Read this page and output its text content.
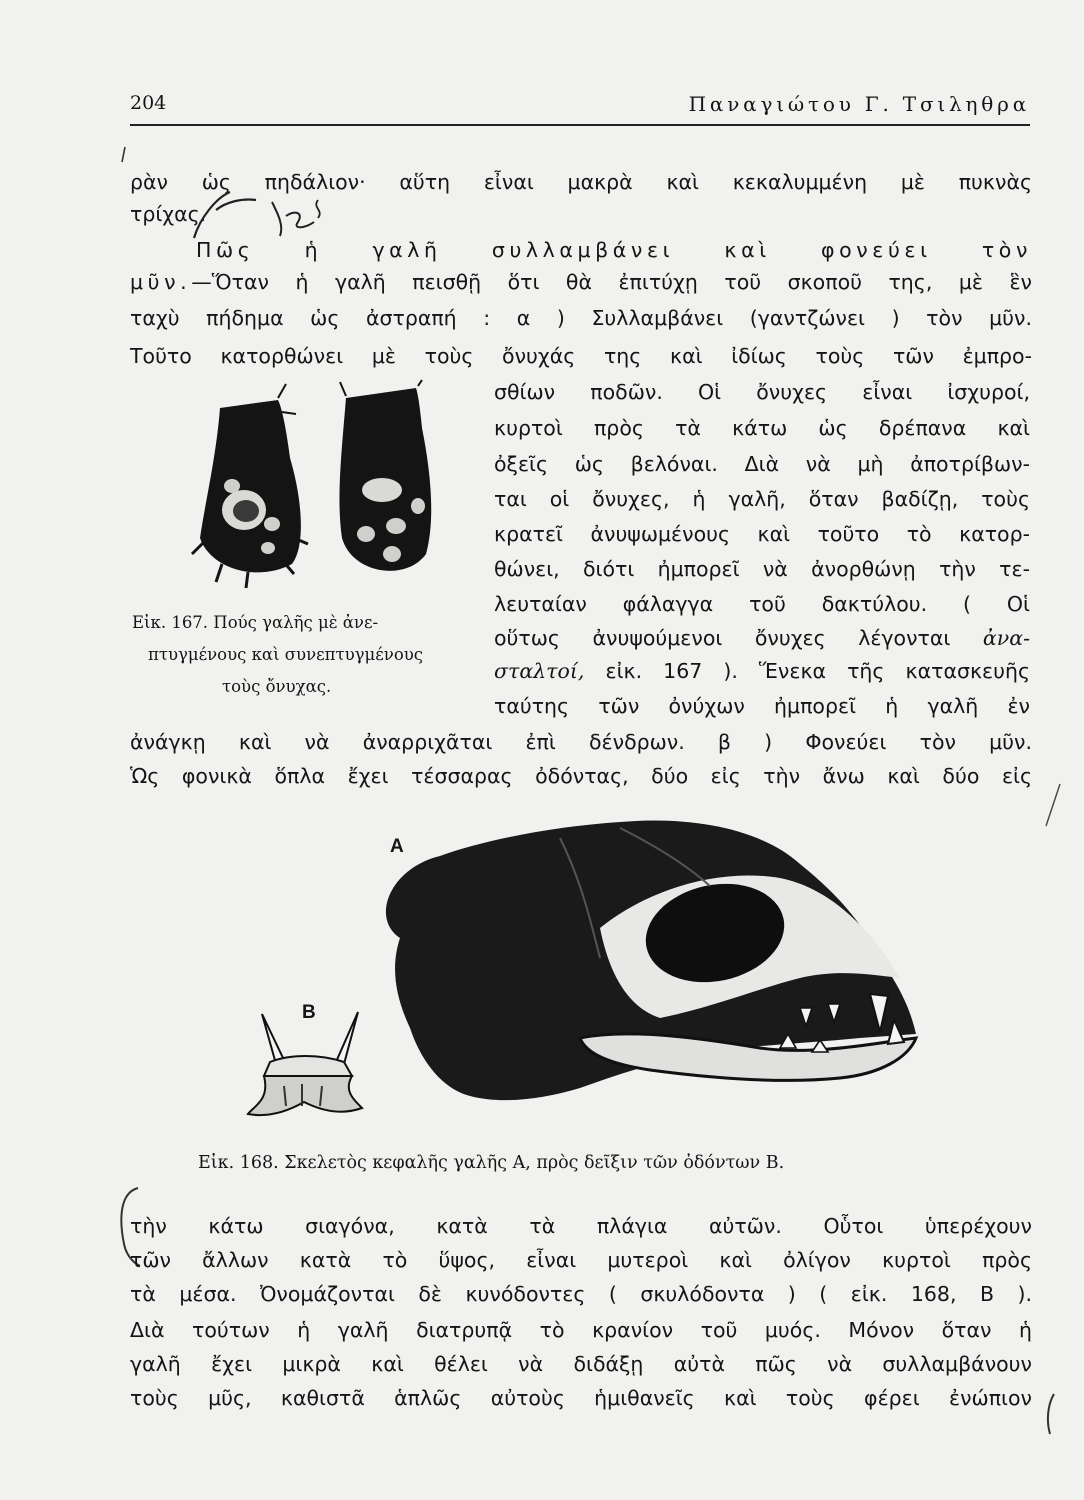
204	Παναγιώτου Γ. Τσιληθρα
ρὰν ὡς πηδάλιον· αὕτη εἶναι μακρὰ καὶ κεκαλυμμένη μὲ πυκνὰς
τρίχας.
Πῶς ἡ γαλῆ συλλαμβάνει καὶ φονεύει τὸν
μῦν.—Ὅταν ἡ γαλῆ πεισθῇ ὅτι θὰ ἐπιτύχῃ τοῦ σκοποῦ της, μὲ ἓν
ταχὺ πήδημα ὡς ἀστραπή : α ) Συλλαμβάνει (γαντζώνει ) τὸν μῦν.
Τοῦτο κατορθώνει μὲ τοὺς ὄνυχάς της καὶ ἰδίως τοὺς τῶν ἐμπρο-
σθίων ποδῶν. Οἱ ὄνυχες εἶναι ἰσχυροί,
κυρτοὶ πρὸς τὰ κάτω ὡς δρέπανα καὶ
ὀξεῖς ὡς βελόναι. Διὰ νὰ μὴ ἀποτρίβων-
ται οἱ ὄνυχες, ἡ γαλῆ, ὅταν βαδίζῃ, τοὺς
κρατεῖ ἀνυψωμένους καὶ τοῦτο τὸ κατορ-
θώνει, διότι ἠμπορεῖ νὰ ἀνορθώνῃ τὴν τε-
λευταίαν φάλαγγα τοῦ δακτύλου. ( Οἱ
οὕτως ἀνυψούμενοι ὄνυχες λέγονται ἀνα-
σταλτοί, εἰκ. 167 ). Ἕνεκα τῆς κατασκευῆς
ταύτης τῶν ὀνύχων ἠμπορεῖ ἡ γαλῆ ἐν
Εἰκ. 167. Πούς γαλῆς μὲ ἀνε-
πτυγμένους καὶ συνεπτυγμένους
τοὺς ὄνυχας.
ἀνάγκῃ καὶ νὰ ἀναρριχᾶται ἐπὶ δένδρων. β ) Φονεύει τὸν μῦν.
Ὡς φονικὰ ὅπλα ἔχει τέσσαρας ὀδόντας, δύο εἰς τὴν ἄνω καὶ δύο εἰς
Α
Β
Εἰκ. 168. Σκελετὸς κεφαλῆς γαλῆς Α, πρὸς δεῖξιν τῶν ὀδόντων Β.
τὴν κάτω σιαγόνα, κατὰ τὰ πλάγια αὐτῶν. Οὗτοι ὑπερέχουν
τῶν ἄλλων κατὰ τὸ ὕψος, εἶναι μυτεροὶ καὶ ὀλίγον κυρτοὶ πρὸς
τὰ μέσα. Ὀνομάζονται δὲ κυνόδοντες ( σκυλόδοντα ) ( εἰκ. 168, Β ).
Διὰ τούτων ἡ γαλῆ διατρυπᾷ τὸ κρανίον τοῦ μυός. Μόνον ὅταν ἡ
γαλῆ ἔχει μικρὰ καὶ θέλει νὰ διδάξῃ αὐτὰ πῶς νὰ συλλαμβάνουν
τοὺς μῦς, καθιστᾶ ἁπλῶς αὐτοὺς ἡμιθανεῖς καὶ τοὺς φέρει ἐνώπιον
